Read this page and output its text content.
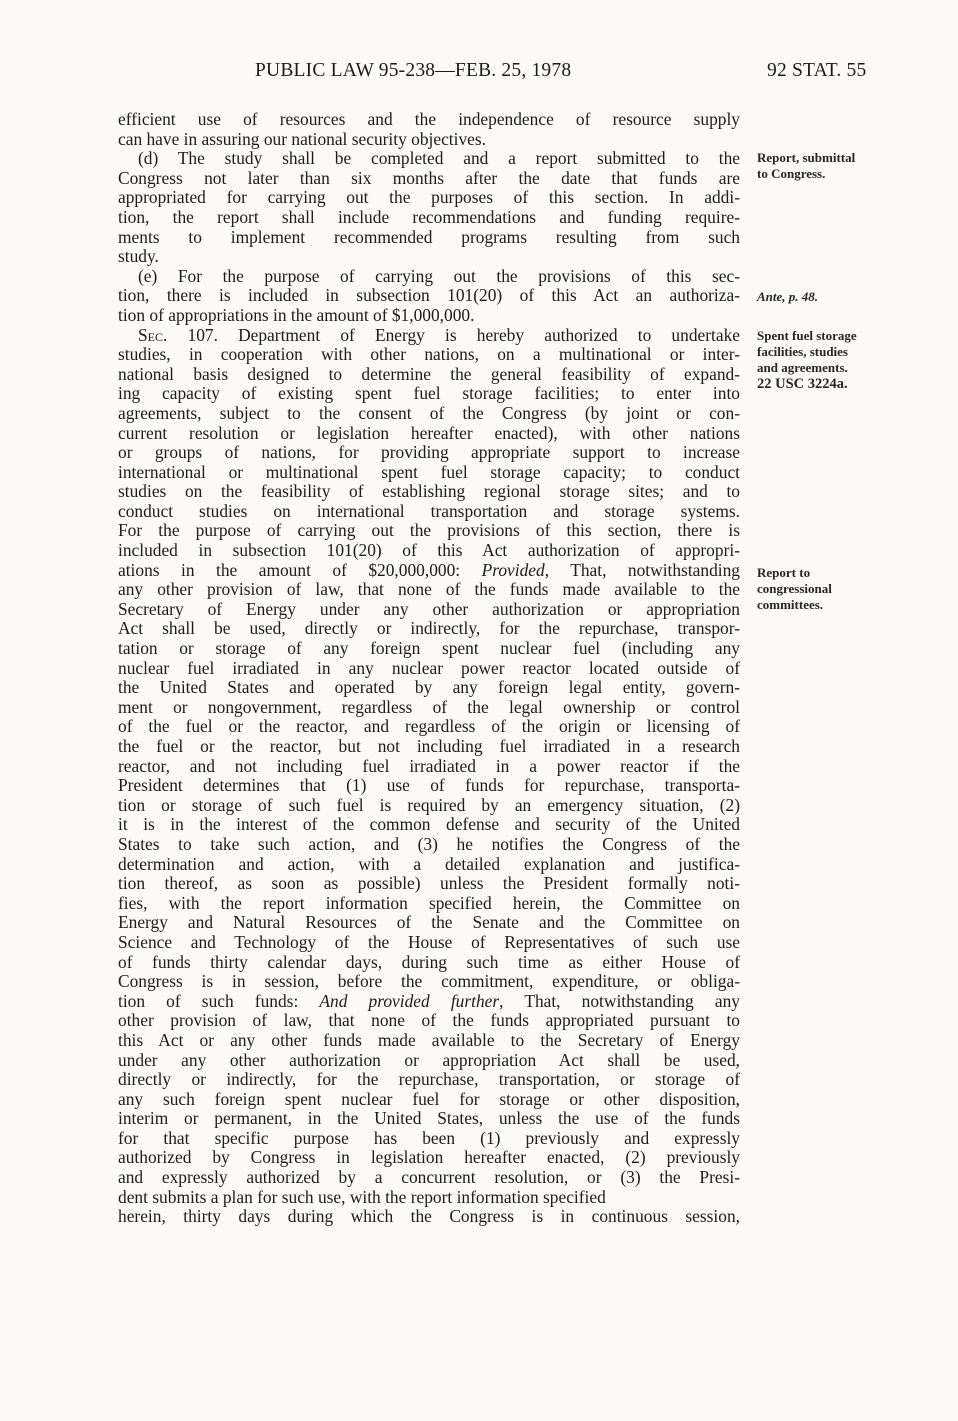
PUBLIC LAW 95-238—FEB. 25, 1978	92 STAT. 55
efficient use of resources and the independence of resource supply
can have in assuring our national security objectives.
(d) The study shall be completed and a report submitted to the
Congress not later than six months after the date that funds are
appropriated for carrying out the purposes of this section. In addi-
tion, the report shall include recommendations and funding require-
ments to implement recommended programs resulting from such
study.
(e) For the purpose of carrying out the provisions of this sec-
tion, there is included in subsection 101(20) of this Act an authoriza-
tion of appropriations in the amount of $1,000,000.
Sec. 107. Department of Energy is hereby authorized to undertake
studies, in cooperation with other nations, on a multinational or inter-
national basis designed to determine the general feasibility of expand-
ing capacity of existing spent fuel storage facilities; to enter into
agreements, subject to the consent of the Congress (by joint or con-
current resolution or legislation hereafter enacted), with other nations
or groups of nations, for providing appropriate support to increase
international or multinational spent fuel storage capacity; to conduct
studies on the feasibility of establishing regional storage sites; and to
conduct studies on international transportation and storage systems.
For the purpose of carrying out the provisions of this section, there is
included in subsection 101(20) of this Act authorization of appropri-
ations in the amount of $20,000,000: Provided, That, notwithstanding
any other provision of law, that none of the funds made available to the
Secretary of Energy under any other authorization or appropriation
Act shall be used, directly or indirectly, for the repurchase, transpor-
tation or storage of any foreign spent nuclear fuel (including any
nuclear fuel irradiated in any nuclear power reactor located outside of
the United States and operated by any foreign legal entity, govern-
ment or nongovernment, regardless of the legal ownership or control
of the fuel or the reactor, and regardless of the origin or licensing of
the fuel or the reactor, but not including fuel irradiated in a research
reactor, and not including fuel irradiated in a power reactor if the
President determines that (1) use of funds for repurchase, transporta-
tion or storage of such fuel is required by an emergency situation, (2)
it is in the interest of the common defense and security of the United
States to take such action, and (3) he notifies the Congress of the
determination and action, with a detailed explanation and justifica-
tion thereof, as soon as possible) unless the President formally noti-
fies, with the report information specified herein, the Committee on
Energy and Natural Resources of the Senate and the Committee on
Science and Technology of the House of Representatives of such use
of funds thirty calendar days, during such time as either House of
Congress is in session, before the commitment, expenditure, or obliga-
tion of such funds: And provided further, That, notwithstanding any
other provision of law, that none of the funds appropriated pursuant to
this Act or any other funds made available to the Secretary of Energy
under any other authorization or appropriation Act shall be used,
directly or indirectly, for the repurchase, transportation, or storage of
any such foreign spent nuclear fuel for storage or other disposition,
interim or permanent, in the United States, unless the use of the funds
for that specific purpose has been (1) previously and expressly
authorized by Congress in legislation hereafter enacted, (2) previously
and expressly authorized by a concurrent resolution, or (3) the Presi-
dent submits a plan for such use, with the report information specified
herein, thirty days during which the Congress is in continuous session,
Report, submittal
to Congress.
Ante, p. 48.
Spent fuel storage
facilities, studies
and agreements.
22 USC 3224a.
Report to
congressional
committees.
